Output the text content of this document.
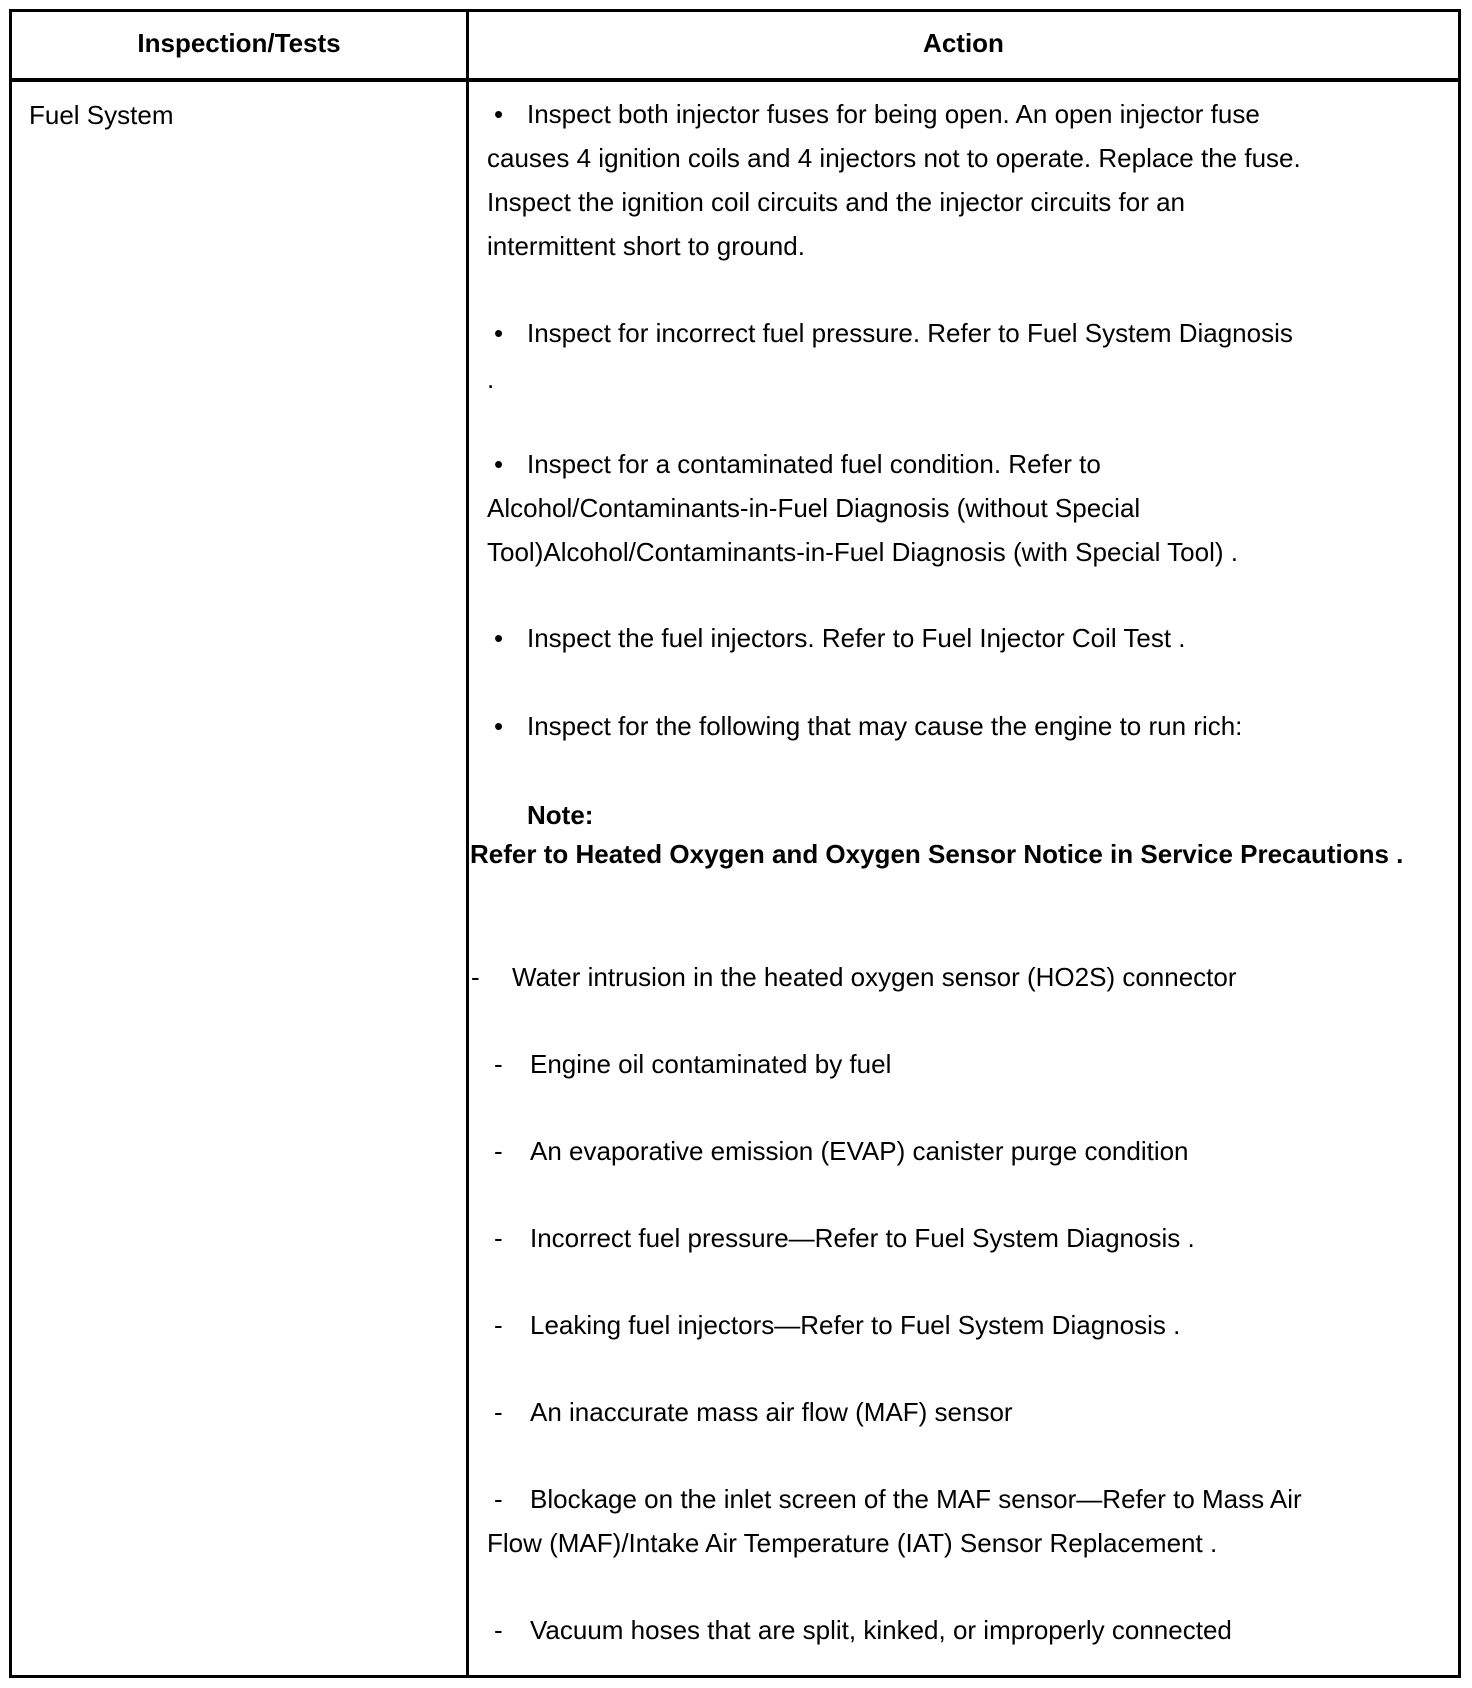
Inspection/Tests	Action
Fuel System	• Inspect both injector fuses for being open. An open injector fuse
causes 4 ignition coils and 4 injectors not to operate. Replace the fuse.
Inspect the ignition coil circuits and the injector circuits for an
intermittent short to ground.
• Inspect for incorrect fuel pressure. Refer to Fuel System Diagnosis
.
• Inspect for a contaminated fuel condition. Refer to
Alcohol/Contaminants-in-Fuel Diagnosis (without Special
Tool)Alcohol/Contaminants-in-Fuel Diagnosis (with Special Tool) .
• Inspect the fuel injectors. Refer to Fuel Injector Coil Test .
• Inspect for the following that may cause the engine to run rich:
Note:
Refer to Heated Oxygen and Oxygen Sensor Notice in Service Precautions .
- Water intrusion in the heated oxygen sensor (HO2S) connector
- Engine oil contaminated by fuel
- An evaporative emission (EVAP) canister purge condition
- Incorrect fuel pressure—Refer to Fuel System Diagnosis .
- Leaking fuel injectors—Refer to Fuel System Diagnosis .
- An inaccurate mass air flow (MAF) sensor
- Blockage on the inlet screen of the MAF sensor—Refer to Mass Air
Flow (MAF)/Intake Air Temperature (IAT) Sensor Replacement .
- Vacuum hoses that are split, kinked, or improperly connected
